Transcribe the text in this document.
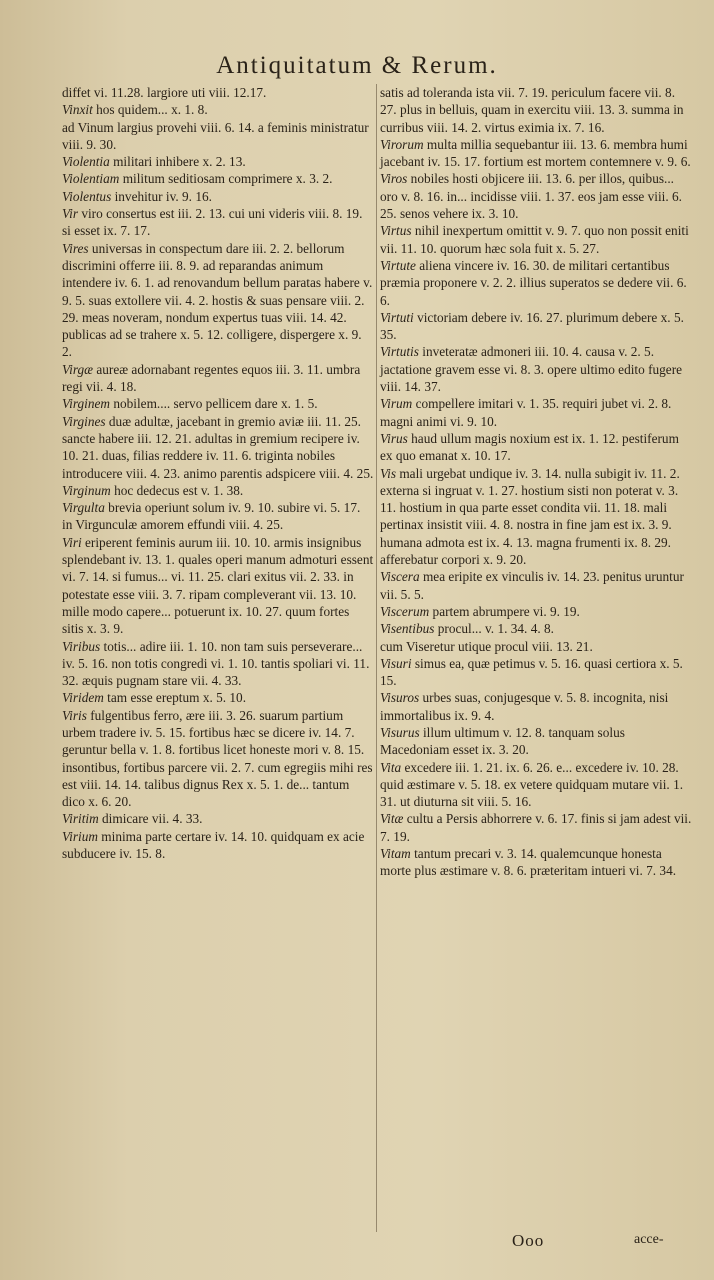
Antiquitatum & Rerum.

diffet vi. 11.28. largiore uti viii. 12.17.

Vinxit hos quidem... x. 1. 8.

ad Vinum largius provehi viii. 6. 14. a feminis ministratur viii. 9. 30.

Violentia militari inhibere x. 2. 13.

Violentiam militum seditiosam comprimere x. 3. 2.

Violentus invehitur iv. 9. 16.

Vir viro consertus est iii. 2. 13. cui uni videris viii. 8. 19. si esset ix. 7. 17.

Vires universas in conspectum dare iii. 2. 2. bellorum discrimini offerre iii. 8. 9. ad reparandas animum intendere iv. 6. 1. ad renovandum bellum paratas habere v. 9. 5. suas extollere vii. 4. 2. hostis & suas pensare viii. 2. 29. meas noveram, nondum expertus tuas viii. 14. 42. publicas ad se trahere x. 5. 12. colligere, dispergere x. 9. 2.

Virgæ aureæ adornabant regentes equos iii. 3. 11. umbra regi vii. 4. 18.

Virginem nobilem.... servo pellicem dare x. 1. 5.

Virgines duæ adultæ, jacebant in gremio aviæ iii. 11. 25. sancte habere iii. 12. 21. adultas in gremium recipere iv. 10. 21. duas, filias reddere iv. 11. 6. triginta nobiles introducere viii. 4. 23. animo parentis adspicere viii. 4. 25.

Virginum hoc dedecus est v. 1. 38.

Virgulta brevia operiunt solum iv. 9. 10. subire vi. 5. 17.

in Virgunculæ amorem effundi viii. 4. 25.

Viri eriperent feminis aurum iii. 10. 10. armis insignibus splendebant iv. 13. 1. quales operi manum admoturi essent vi. 7. 14. si fumus... vi. 11. 25. clari exitus vii. 2. 33. in potestate esse viii. 3. 7. ripam compleverant vii. 13. 10. mille modo capere... potuerunt ix. 10. 27. quum fortes sitis x. 3. 9.

Viribus totis... adire iii. 1. 10. non tam suis perseverare... iv. 5. 16. non totis congredi vi. 1. 10. tantis spoliari vi. 11. 32. æquis pugnam stare vii. 4. 33.

Viridem tam esse ereptum x. 5. 10.

Viris fulgentibus ferro, ære iii. 3. 26. suarum partium urbem tradere iv. 5. 15. fortibus hæc se dicere iv. 14. 7. geruntur bella v. 1. 8. fortibus licet honeste mori v. 8. 15. insontibus, fortibus parcere vii. 2. 7. cum egregiis mihi res est viii. 14. 14. talibus dignus Rex x. 5. 1. de... tantum dico x. 6. 20.

Viritim dimicare vii. 4. 33.

Virium minima parte certare iv. 14. 10. quidquam ex acie subducere iv. 15. 8.

satis ad toleranda ista vii. 7. 19. periculum facere vii. 8. 27. plus in belluis, quam in exercitu viii. 13. 3. summa in curribus viii. 14. 2. virtus eximia ix. 7. 16.

Virorum multa millia sequebantur iii. 13. 6. membra humi jacebant iv. 15. 17. fortium est mortem contemnere v. 9. 6.

Viros nobiles hosti objicere iii. 13. 6. per illos, quibus... oro v. 8. 16. in... incidisse viii. 1. 37. eos jam esse viii. 6. 25. senos vehere ix. 3. 10.

Virtus nihil inexpertum omittit v. 9. 7. quo non possit eniti vii. 11. 10. quorum hæc sola fuit x. 5. 27.

Virtute aliena vincere iv. 16. 30. de militari certantibus præmia proponere v. 2. 2. illius superatos se dedere vii. 6. 6.

Virtuti victoriam debere iv. 16. 27. plurimum debere x. 5. 35.

Virtutis inveteratæ admoneri iii. 10. 4. causa v. 2. 5. jactatione gravem esse vi. 8. 3. opere ultimo edito fugere viii. 14. 37.

Virum compellere imitari v. 1. 35. requiri jubet vi. 2. 8. magni animi vi. 9. 10.

Virus haud ullum magis noxium est ix. 1. 12. pestiferum ex quo emanat x. 10. 17.

Vis mali urgebat undique iv. 3. 14. nulla subigit iv. 11. 2. externa si ingruat v. 1. 27. hostium sisti non poterat v. 3. 11. hostium in qua parte esset condita vii. 11. 18. mali pertinax insistit viii. 4. 8. nostra in fine jam est ix. 3. 9. humana admota est ix. 4. 13. magna frumenti ix. 8. 29. afferebatur corpori x. 9. 20.

Viscera mea eripite ex vinculis iv. 14. 23. penitus uruntur vii. 5. 5.

Viscerum partem abrumpere vi. 9. 19.

Visentibus procul... v. 1. 34. 4. 8.

cum Viseretur utique procul viii. 13. 21.

Visuri simus ea, quæ petimus v. 5. 16. quasi certiora x. 5. 15.

Visuros urbes suas, conjugesque v. 5. 8. incognita, nisi immortalibus ix. 9. 4.

Visurus illum ultimum v. 12. 8. tanquam solus Macedoniam esset ix. 3. 20.

Vita excedere iii. 1. 21. ix. 6. 26. e... excedere iv. 10. 28. quid æstimare v. 5. 18. ex vetere quidquam mutare vii. 1. 31. ut diuturna sit viii. 5. 16.

Vitæ cultu a Persis abhorrere v. 6. 17. finis si jam adest vii. 7. 19.

Vitam tantum precari v. 3. 14. qualemcunque honesta morte plus æstimare v. 8. 6. præteritam intueri vi. 7. 34.

Ooo	acce-
